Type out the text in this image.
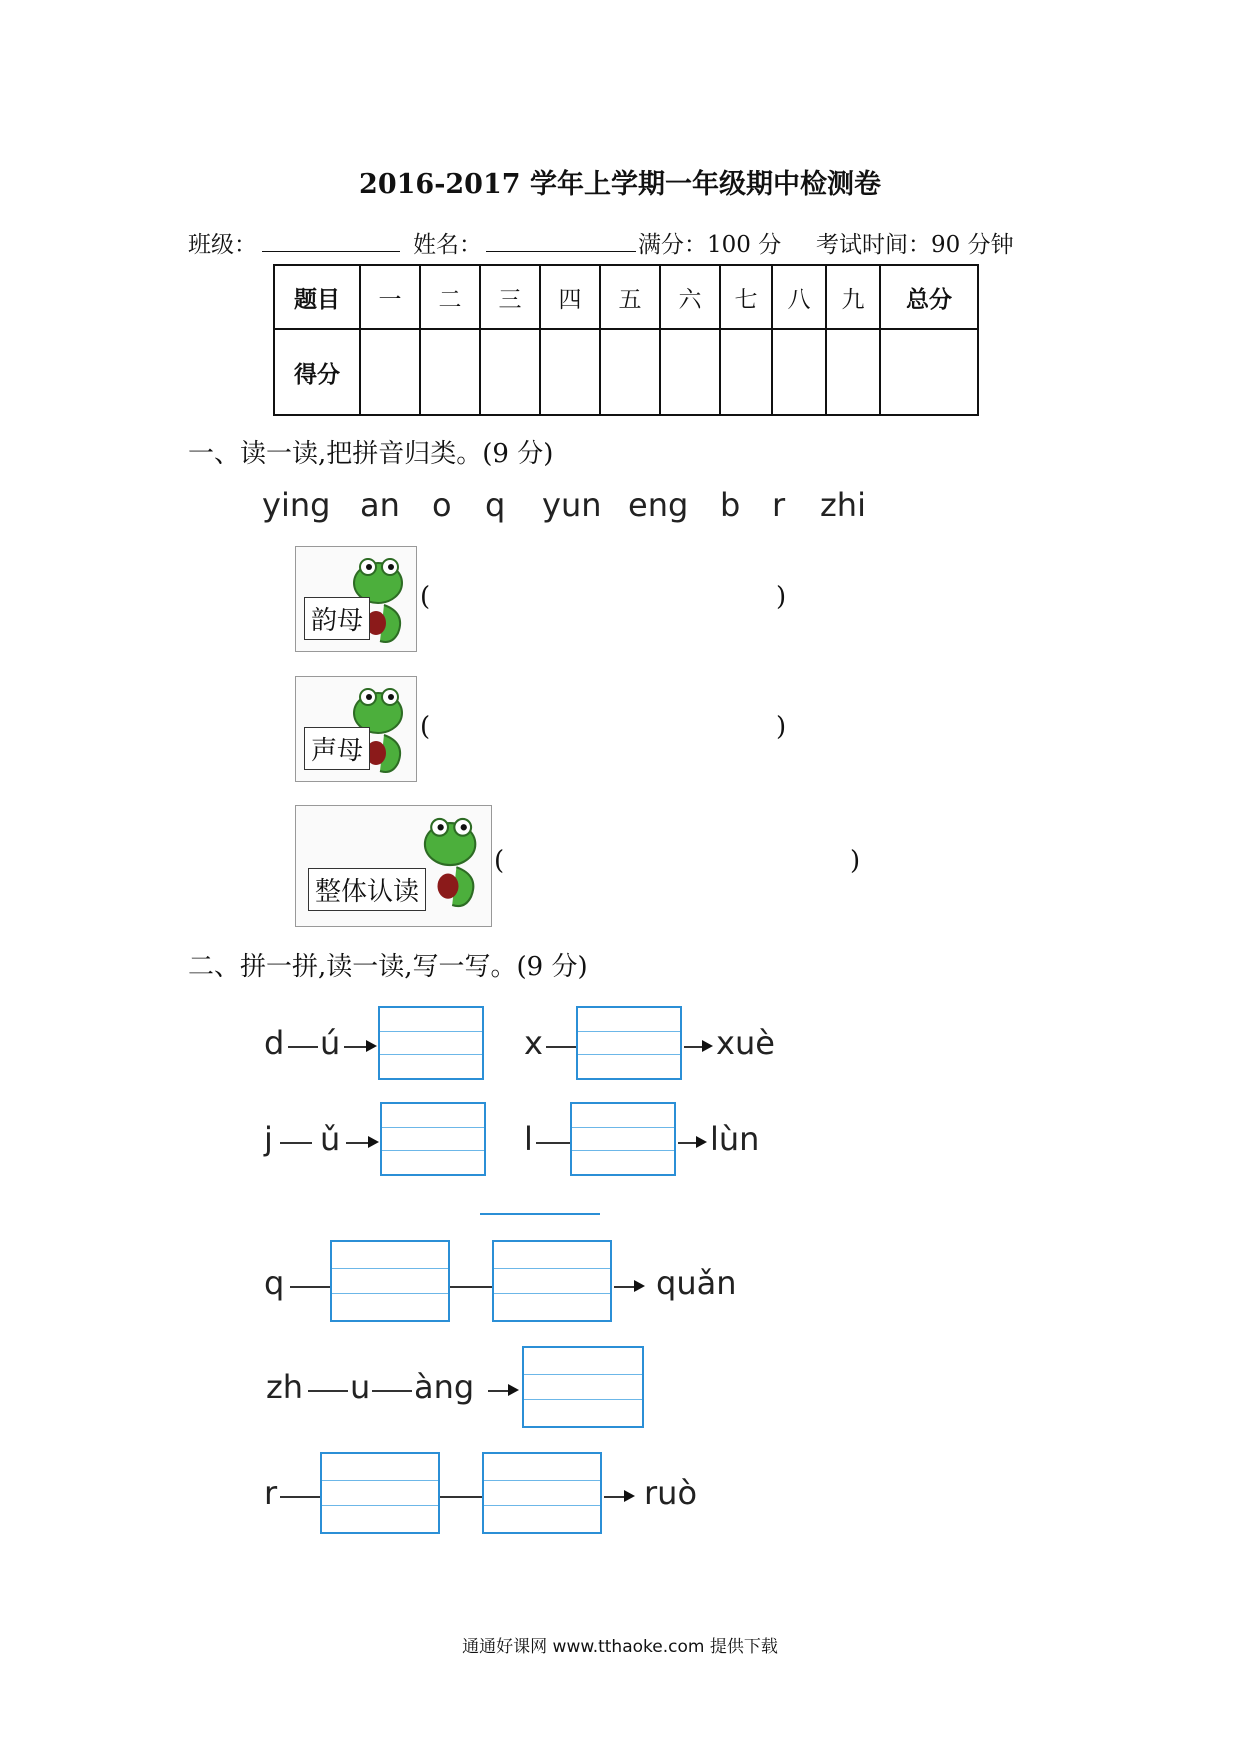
2016-2017 学年上学期一年级期中检测卷
班级：	姓名：	满分：100 分 考试时间：90 分钟
题目	一	二	三	四	五	六	七	八	九	总分
得分										
一、读一读,把拼音归类。(9 分)
ying an o q yun eng b r zhi
韵母
(	)
声母
(	)
整体认读
(	)
二、拼一拼,读一读,写一写。(9 分)
d ú	x	xuè
j ǔ	l	lùn
q	quǎn
zh u àng
r	ruò
通通好课网 www.tthaoke.com 提供下载
